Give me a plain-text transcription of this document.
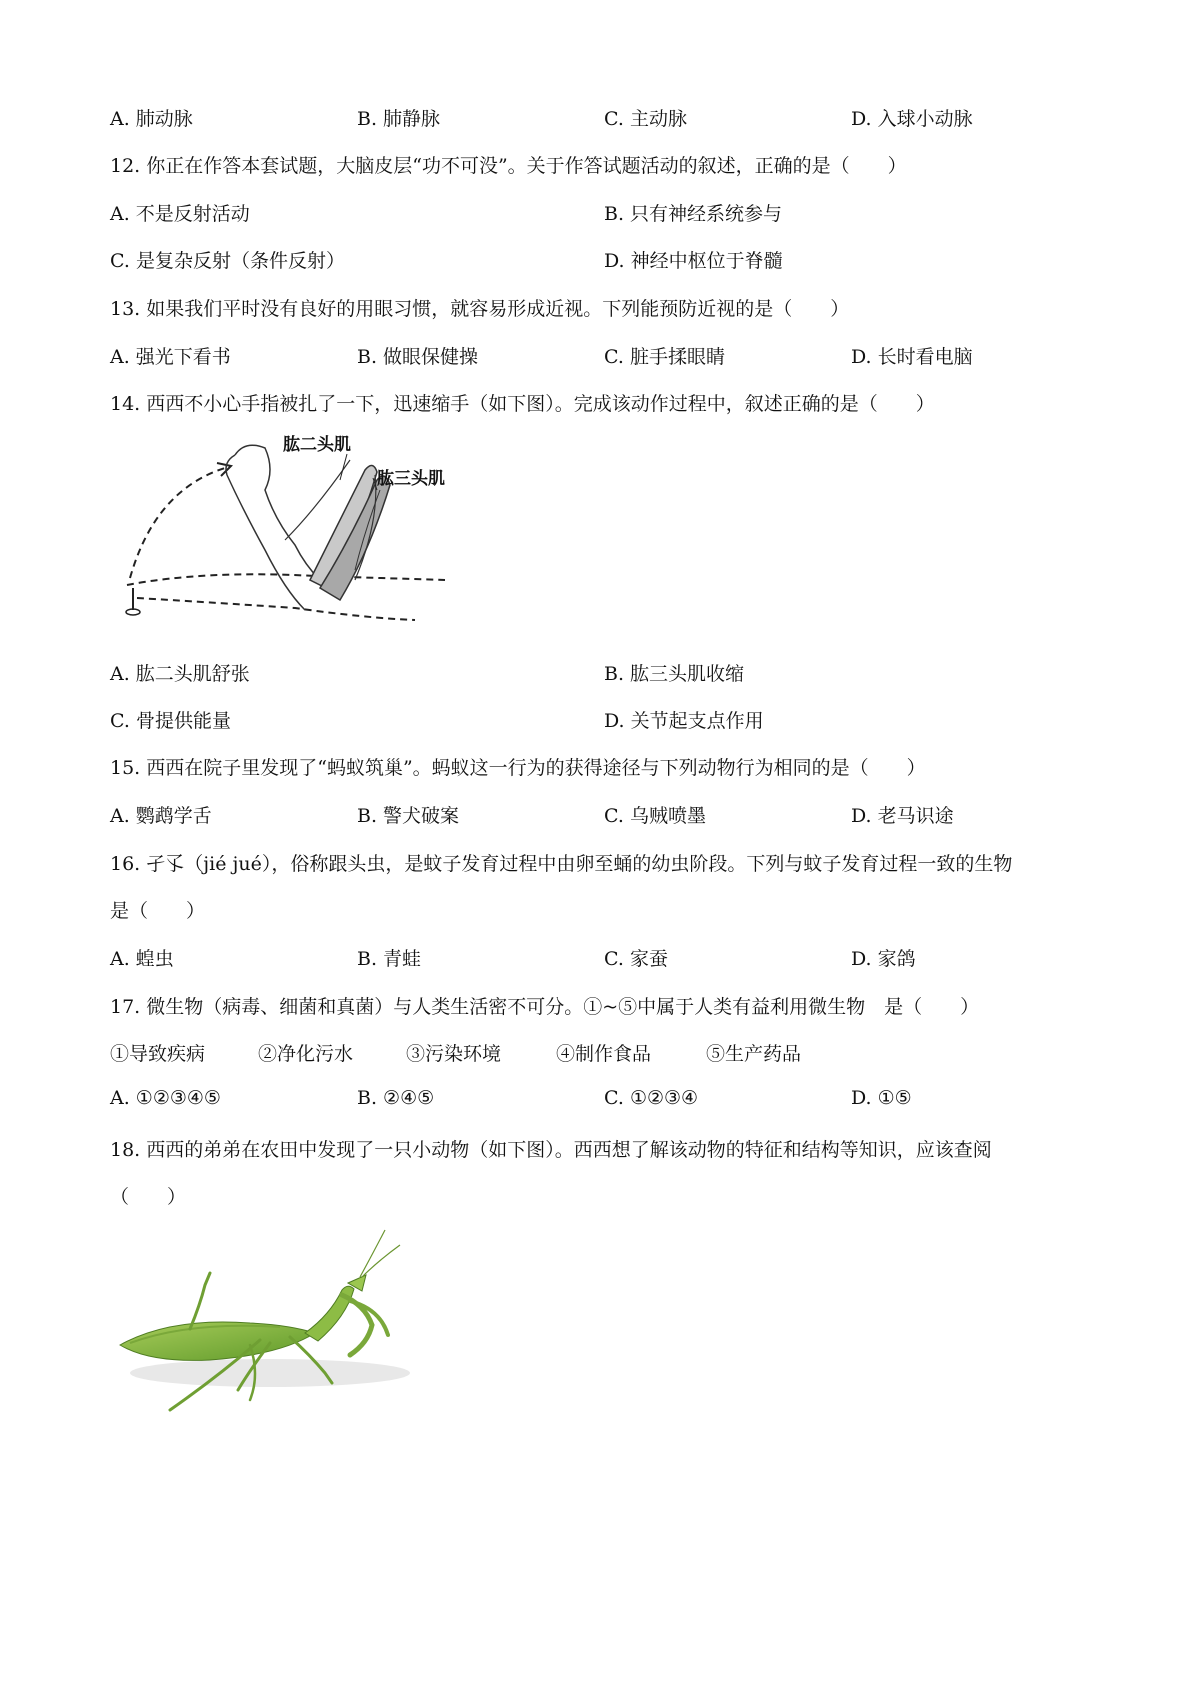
A. 肺动脉	B. 肺静脉	C. 主动脉	D. 入球小动脉
12. 你正在作答本套试题，大脑皮层“功不可没”。关于作答试题活动的叙述，正确的是（　　）
A. 不是反射活动	B. 只有神经系统参与
C. 是复杂反射（条件反射）	D. 神经中枢位于脊髓
13. 如果我们平时没有良好的用眼习惯，就容易形成近视。下列能预防近视的是（　　）
A. 强光下看书	B. 做眼保健操	C. 脏手揉眼睛	D. 长时看电脑
14. 西西不小心手指被扎了一下，迅速缩手（如下图）。完成该动作过程中，叙述正确的是（　　）
肱二头肌
肱三头肌
A. 肱二头肌舒张	B. 肱三头肌收缩
C. 骨提供能量	D. 关节起支点作用
15. 西西在院子里发现了“蚂蚁筑巢”。蚂蚁这一行为的获得途径与下列动物行为相同的是（　　）
A. 鹦鹉学舌	B. 警犬破案	C. 乌贼喷墨	D. 老马识途
16. 孑孓（jié jué），俗称跟头虫，是蚊子发育过程中由卵至蛹的幼虫阶段。下列与蚊子发育过程一致的生物
是（　　）
A. 蝗虫	B. 青蛙	C. 家蚕	D. 家鸽
17. 微生物（病毒、细菌和真菌）与人类生活密不可分。①~⑤中属于人类有益利用微生物　是（　　）
①导致疾病	②净化污水	③污染环境	④制作食品	⑤生产药品
A. ①②③④⑤	B. ②④⑤	C. ①②③④	D. ①⑤
18. 西西的弟弟在农田中发现了一只小动物（如下图）。西西想了解该动物的特征和结构等知识，应该查阅
（　　）
